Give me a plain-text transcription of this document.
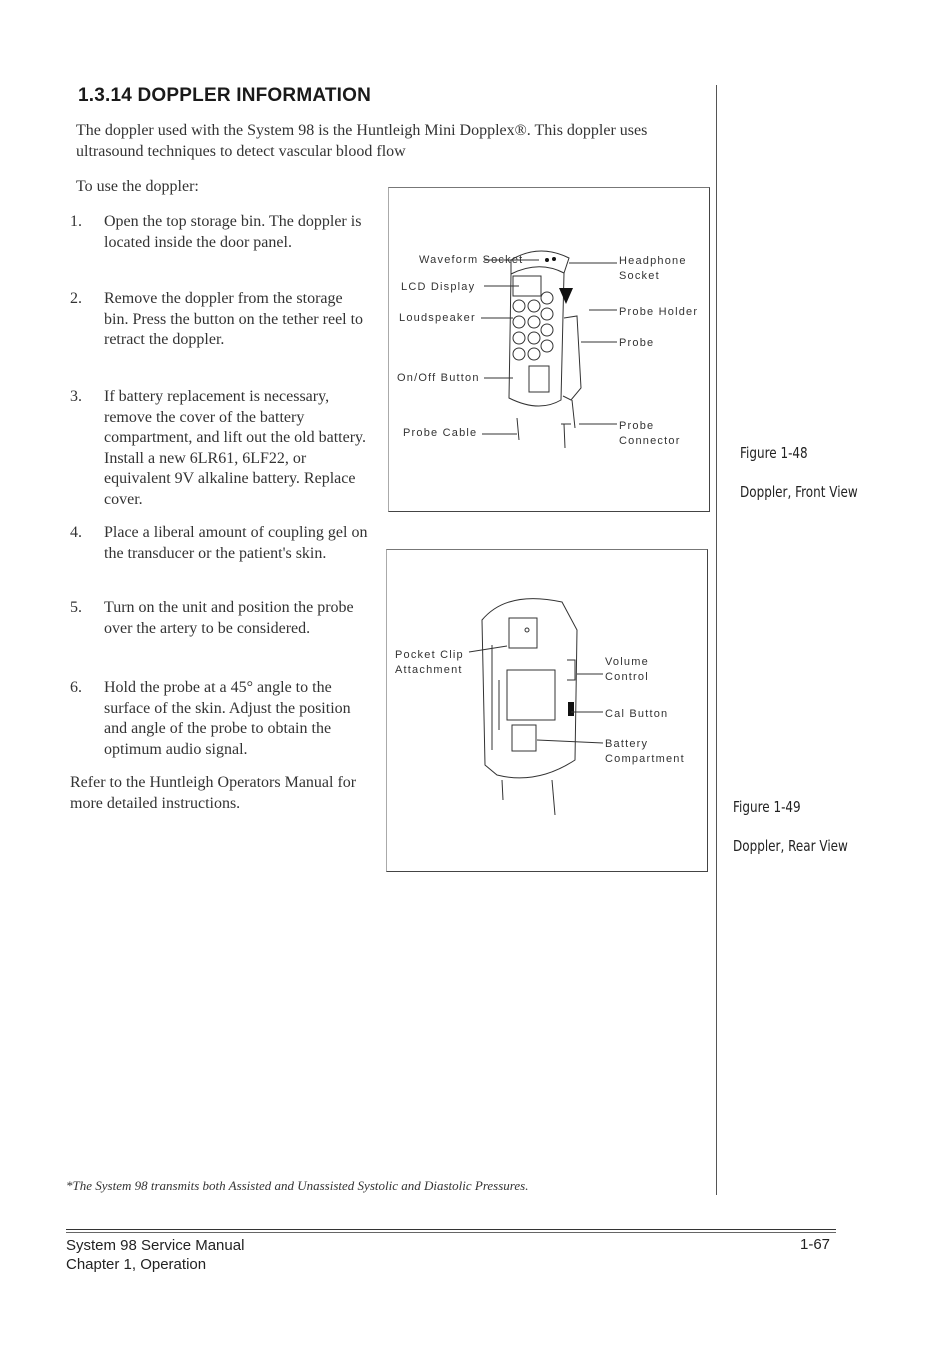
1.3.14 DOPPLER INFORMATION
The doppler used with the System 98 is the Huntleigh Mini Dopplex®. This doppler uses ultrasound techniques to detect vascular blood flow
To use the doppler:
1.	Open the top storage bin. The doppler is located inside the door panel.
2.	Remove the doppler from the storage bin. Press the button on the tether reel to retract the doppler.
3.	If battery replacement is necessary, remove the cover of the battery compartment, and lift out the old battery. Install a new 6LR61, 6LF22, or equivalent 9V alkaline battery. Replace cover.
4.	Place a liberal amount of coupling gel on the transducer or the patient's skin.
5.	Turn on the unit and position the probe over the artery to be considered.
6.	Hold the probe at a 45° angle to the surface of the skin. Adjust the position and angle of the probe to obtain the optimum audio signal.
Refer to the Huntleigh Operators Manual for more detailed instructions.
Waveform Socket
LCD Display
Loudspeaker
On/Off Button
Probe Cable
Headphone Socket
Probe Holder
Probe
Probe Connector
Figure 1-48
Doppler, Front View
Pocket Clip Attachment
Volume Control
Cal Button
Battery Compartment
Figure 1-49
Doppler, Rear View
*The System 98 transmits both Assisted and Unassisted Systolic and Diastolic Pressures.
System 98 Service Manual
Chapter 1, Operation
1-67
